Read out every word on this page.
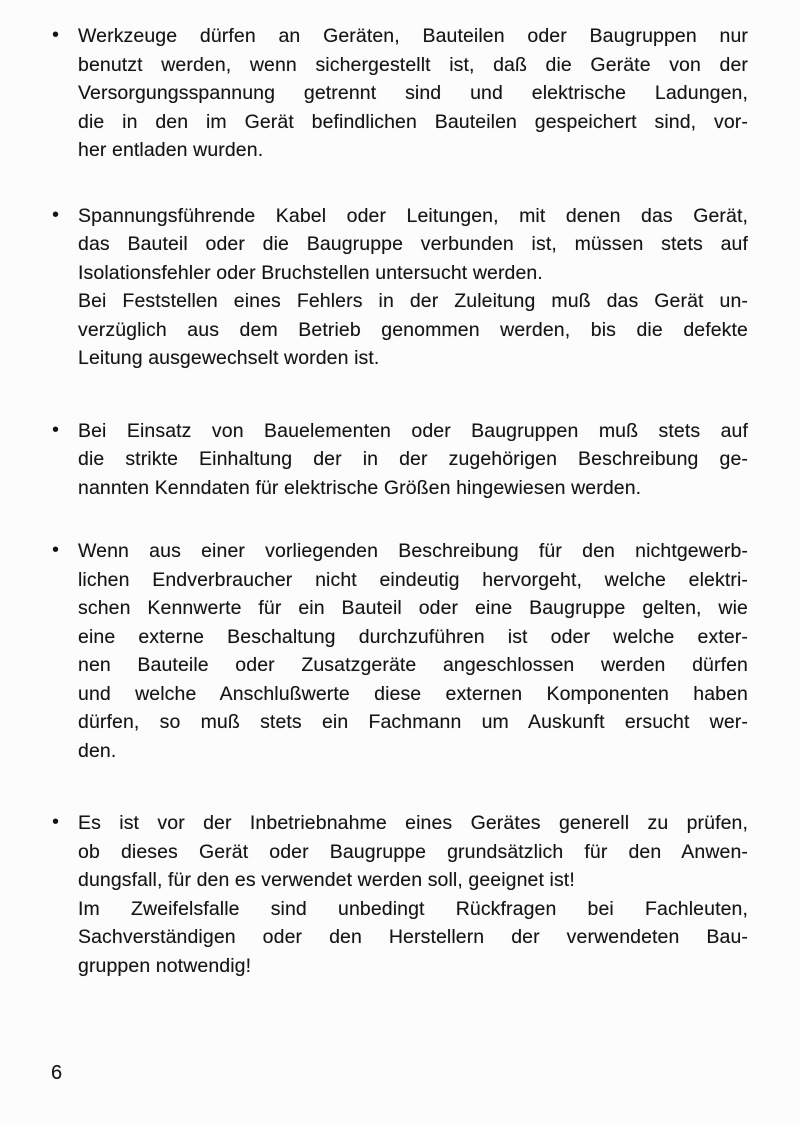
• Werkzeuge dürfen an Geräten, Bauteilen oder Baugruppen nur
benutzt werden, wenn sichergestellt ist, daß die Geräte von der
Versorgungsspannung getrennt sind und elektrische Ladungen,
die in den im Gerät befindlichen Bauteilen gespeichert sind, vor-
her entladen wurden.
• Spannungsführende Kabel oder Leitungen, mit denen das Gerät,
das Bauteil oder die Baugruppe verbunden ist, müssen stets auf
Isolationsfehler oder Bruchstellen untersucht werden.
Bei Feststellen eines Fehlers in der Zuleitung muß das Gerät un-
verzüglich aus dem Betrieb genommen werden, bis die defekte
Leitung ausgewechselt worden ist.
• Bei Einsatz von Bauelementen oder Baugruppen muß stets auf
die strikte Einhaltung der in der zugehörigen Beschreibung ge-
nannten Kenndaten für elektrische Größen hingewiesen werden.
• Wenn aus einer vorliegenden Beschreibung für den nichtgewerb-
lichen Endverbraucher nicht eindeutig hervorgeht, welche elektri-
schen Kennwerte für ein Bauteil oder eine Baugruppe gelten, wie
eine externe Beschaltung durchzuführen ist oder welche exter-
nen Bauteile oder Zusatzgeräte angeschlossen werden dürfen
und welche Anschlußwerte diese externen Komponenten haben
dürfen, so muß stets ein Fachmann um Auskunft ersucht wer-
den.
• Es ist vor der Inbetriebnahme eines Gerätes generell zu prüfen,
ob dieses Gerät oder Baugruppe grundsätzlich für den Anwen-
dungsfall, für den es verwendet werden soll, geeignet ist!
Im Zweifelsfalle sind unbedingt Rückfragen bei Fachleuten,
Sachverständigen oder den Herstellern der verwendeten Bau-
gruppen notwendig!
6
